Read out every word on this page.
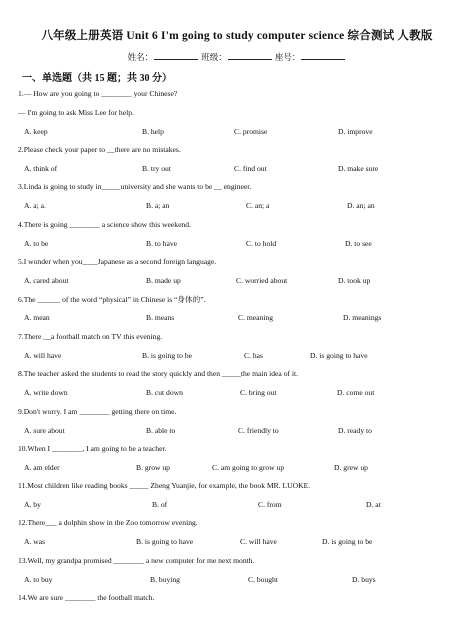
八年级上册英语 Unit 6 I'm going to study computer science 综合测试 人教版
姓名：	班级：	座号：
一、单选题（共 15 题；共 30 分）
1.— How are you going to ________ your Chinese?
— I'm going to ask Miss Lee for help.
A. keep	B. help	C. promise	D. improve
2.Please check your paper to __there are no mistakes.
A. think of	B. try out	C. find out	D. make sure
3.Linda is going to study in_____university and she wants to be __ engineer.
A. a; a.	B. a; an	C. an; a	D. an; an
4.There is going ________ a science show this weekend.
A. to be	B. to have	C. to hold	D. to see
5.I wonder when you____Japanese as a second foreign language.
A. cared about	B. made up	C. worried about	D. took up
6.The ______ of the word “physical” in Chinese is “身体的”.
A. mean	B. means	C. meaning	D. meanings
7.There __a football match on TV this evening.
A. will have	B. is going to be	C. has	D. is going to have
8.The teacher asked the students to read the story quickly and then _____the main idea of it.
A. write down	B. cut down	C. bring out	D. come out
9.Don't worry. I am ________ getting there on time.
A. sure about	B. able to	C. friendly to	D. ready to
10.When I ________, I am going to be a teacher.
A. am elder	B. grow up	C. am going to grow up	D. grew up
11.Most children like reading books _____ Zheng Yuanjie, for example, the book MR. LUOKE.
A. by	B. of	C. from	D. at
12.There___ a dolphin show in the Zoo tomorrow evening.
A. was	B. is going to have	C. will have	D. is going to be
13.Well, my grandpa promised ________ a new computer for me next month.
A. to buy	B. buying	C. bought	D. buys
14.We are sure ________ the football match.
